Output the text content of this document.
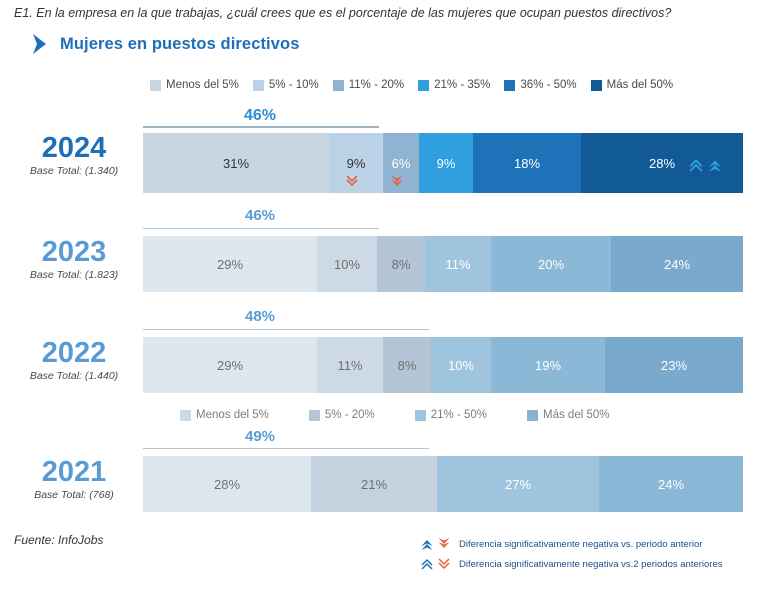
E1. En la empresa en la que trabajas, ¿cuál crees que es el porcentaje de las mujeres que ocupan puestos directivos?
Mujeres en puestos directivos
Menos del 5%	5% - 10%	11% - 20%	21% - 35%	36% - 50%	Más del 50%
46%
2024
Base Total: (1.340)
31%	9%	6%	9%	18%	28%
46%
2023
Base Total: (1.823)
29%	10%	8%	11%	20%	24%
48%
2022
Base Total: (1.440)
29%	11%	8%	10%	19%	23%
Menos del 5%	5% - 20%	21% - 50%	Más del 50%
49%
2021
Base Total: (768)
28%	21%	27%	24%
Fuente: InfoJobs	Diferencia significativamente negativa vs. periodo anterior
Diferencia significativamente negativa vs.2 periodos anteriores
